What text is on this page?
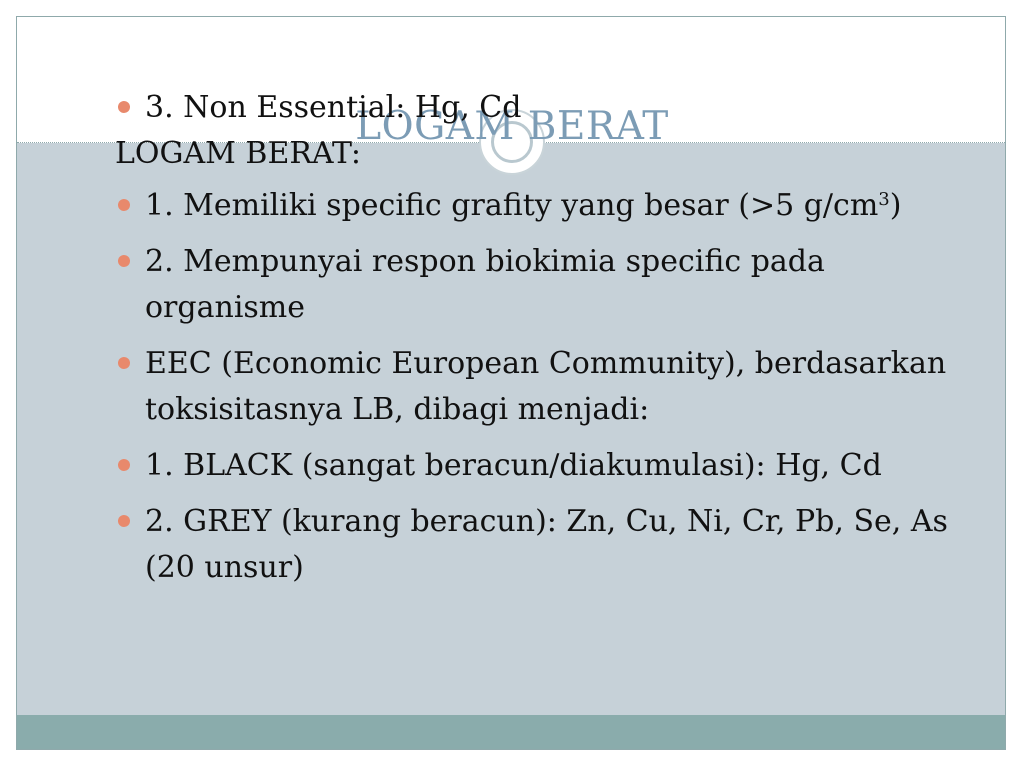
LOGAM BERAT
3. Non Essential: Hg, Cd
LOGAM BERAT:
1. Memiliki specific grafity yang besar (>5 $g/cm^3$)
2. Mempunyai respon biokimia specific pada organisme
EEC (Economic European Community), berdasarkan toksisitasnya LB, dibagi menjadi:
1. BLACK (sangat beracun/diakumulasi): Hg, Cd
2. GREY (kurang beracun): Zn, Cu, Ni, Cr, Pb, Se, As (20 unsur)
